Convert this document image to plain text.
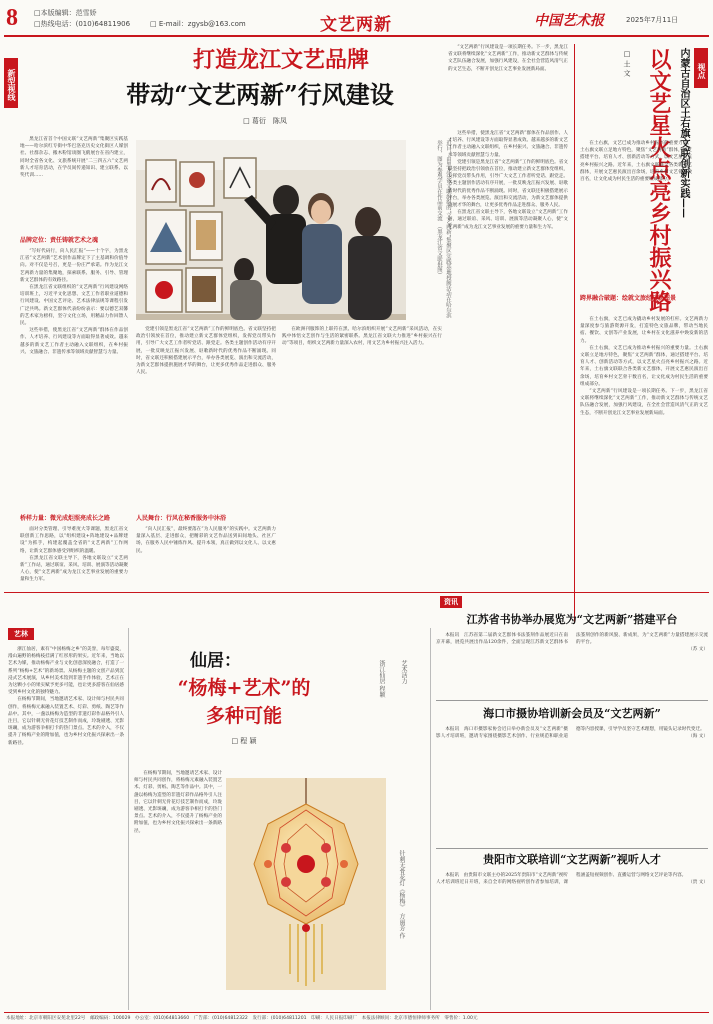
8 □本版编辑：范雪娇
□热线电话：(010)64811906	□ E-mail：zgysb@163.com	文艺两新	中国艺术报	2025年7月11日
新型视线
打造龙江文艺品牌
带动“文艺两新”行风建设
□ 葛衍　陈凤

黑龙江省首个中国文联“文艺两新”集聚区实践基地——哈尔滨红专街中华巴洛克历史文化街区人媒创社、社群杂志、搬木粉馆谈圈飞鹤展台在省内建立，同时全省各文化、文旅系统开展“二三四五六”文艺两新人才培育活动，在学员间传递知识、建立联系、以奖代训……

品牌定位：责任铸就艺术之魂

“写好代码行，向人民汇报”——十个字，为黑龙江省“文艺两新”艺术创作品牌定下了主基调和价值导向。对不仅是号召，更是一份庄严承诺。作为龙江文艺两新力量的集聚地，探索联系、服务、引导、管理新文艺群体的有效路径。

在黑龙江省文联组织的“文艺两新”行风建设网络培训班上，习近平文化思想、文艺工作者职业道德和行风建设、中国文艺评论、艺术法律法规等课程引发广泛共鸣。新文艺群体代表纷纷表示：要以德艺双馨的艺术家为榜样，坚守文化立场，用精品力作回馈人民。

这些举措，使黑龙江省“文艺两新”群体在作品创作、人才培养、行风建设等方面取得显著成效。越来越多的新文艺工作者主动融入文联组织，在乡村振兴、文旅融合、非遗传承等领域贡献智慧与力量。

桥样力量：微光成炬照亮成长之路

面对分类管理、引导难度大等课题，黑龙江省文联创新工作思路，以“组织建设+阵地建设+品牌建设”为抓手，构建起覆盖全省的“文艺两新”工作网络，让新文艺群体感受到组织的温暖。

在黑龙江省文联主导下，各地文联设立“文艺两新”工作站，通过联谊、采风、培训、展演等活动凝聚人心，使“文艺两新”成为龙江文艺事业发展的重要力量和生力军。

近日，由黑龙江省文联组织的“文艺两新”集聚区实践基地授牌活动在哈尔滨举行，图为参观学员在作品前交流　（黑龙江省文联供图）

党建引领是黑龙江省“文艺两新”工作的鲜明底色。省文联坚持把政治引领放在首位，推动建立新文艺群体党组织，发挥党员带头作用，引导广大文艺工作者听党话、跟党走。各类主题创作活动有序开展，一批反映龙江振兴发展、讴歌新时代的优秀作品不断涌现。同时，省文联还积极搭建展示平台，举办各类展览、演出和交流活动，为新文艺群体提供施展才华的舞台，让更多优秀作品走进群众、服务人民。

人民舞台：行风在秘香服务中沐浴

“向人民汇报”，最终要落在“为人民服务”的实践中。文艺两新力量深入基层、走进群众，把精彩的文艺作品送到田间地头、社区广场，在服务人民中锤炼作风、提升本领，真正做到以文化人、以文惠民。

在欧洲刊服饰的上联符在黑、哈尔滨组织开展“文艺两新”采风活动，在实践中体悟文艺创作与生活的紧密联系。黑龙江省文联大力推进“乡村振兴在行动”等项目，组织文艺两新力量深入农村，用文艺为乡村振兴注入活力。

“文艺两新”行风建设是一项长期任务。下一步，黑龙江省文联将继续深化“文艺两新”工作，推动新文艺群体与传统文艺队伍融合发展，加强行风建设，在全社会营造风清气正的文艺生态，不断开创龙江文艺事业发展新局面。

这些举措，使黑龙江省“文艺两新”群体在作品创作、人才培养、行风建设等方面取得显著成效。越来越多的新文艺工作者主动融入文联组织，在乡村振兴、文旅融合、非遗传承等领域贡献智慧与力量。

党建引领是黑龙江省“文艺两新”工作的鲜明底色。省文联坚持把政治引领放在首位，推动建立新文艺群体党组织，发挥党员带头作用，引导广大文艺工作者听党话、跟党走。各类主题创作活动有序开展，一批反映龙江振兴发展、讴歌新时代的优秀作品不断涌现。同时，省文联还积极搭建展示平台，举办各类展览、演出和交流活动，为新文艺群体提供施展才华的舞台，让更多优秀作品走进群众、服务人民。

在黑龙江省文联主导下，各地文联设立“文艺两新”工作站，通过联谊、采风、培训、展演等活动凝聚人心，使“文艺两新”成为龙江文艺事业发展的重要力量和生力军。

视点
内蒙古自治区土右旗文联创新实践——
以文艺星火点亮乡村振兴路
□ 土 文

在土右旗，文艺已成为推动乡村振兴的重要力量。土右旗文联立足地方特色，聚焦“文艺两新”群体，通过搭建平台、培育人才、创新活动等方式，以文艺星火点亮乡村振兴之路。近年来，土右旗文联联合各类新文艺群体，开展文艺惠民演出百余场，培育乡村文艺骨干数百名，让文化成为村民生活的重要组成部分。

跨界融合破题：绘就文旅经济新图景

在土右旗，文艺已成为撬动乡村发展的杠杆。文艺两新力量深度参与旅游资源开发，打造特色文旅品牌，带动当地民宿、餐饮、文创等产业发展，让乡村在文化滋养中焕发新的活力。

在土右旗，文艺已成为推动乡村振兴的重要力量。土右旗文联立足地方特色，聚焦“文艺两新”群体，通过搭建平台、培育人才、创新活动等方式，以文艺星火点亮乡村振兴之路。近年来，土右旗文联联合各类新文艺群体，开展文艺惠民演出百余场，培育乡村文艺骨干数百名，让文化成为村民生活的重要组成部分。

“文艺两新”行风建设是一项长期任务。下一步，黑龙江省文联将继续深化“文艺两新”工作，推动新文艺群体与传统文艺队伍融合发展，加强行风建设，在全社会营造风清气正的文艺生态，不断开创龙江文艺事业发展新局面。

资讯
江苏省书协举办展览为“文艺两新”搭建平台

本报讯　江苏省第二届新文艺群体书法篆刻作品展近日在南京开幕，展览共展出作品120余件，全面呈现江苏新文艺群体书法篆刻创作的新风貌、新成果，为“文艺两新”力量搭建展示交流的平台。

（苏 文）

海口市摄协培训新会员及“文艺两新”

本报讯　海口市摄影家协会近日举办新会员及“文艺两新”摄影人才培训班，邀请专家围绕摄影艺术创作、行业规范和职业道德等内容授课，引导学员坚守艺术理想，用镜头记录时代变迁。

（海 文）

贵阳市文联培训“文艺两新”视听人才

本报讯　由贵阳市文联主办的2025年贵阳市“文艺两新”视听人才培训班近日开班，来自全市的网络视听创作者参加培训，课程涵盖短视频创作、直播运营与网络文艺评论等内容。

（贵 文）

艺林

浙江仙居，素有“中国杨梅之乡”的美誉，每年盛夏，漫山遍野的杨梅枝挂满了红彤彤的果实。近年来，当地以艺术为媒，推动杨梅产业与文化创意深度融合，打造了一系列“杨梅+艺术”的新场景。从杨梅主题的文创产品到沉浸式艺术展演，从乡村美术馆到非遗手作体验，艺术正在为这颗小小的果实赋予更多可能，也让更多游客在仙居感受到乡村文化的独特魅力。

在杨梅节期间，当地邀请艺术家、设计师与村民共同创作，将杨梅元素融入装置艺术、灯彩、剪纸、陶艺等作品中。其中，一盏以杨梅为造型的非遗灯彩作品格外引人注目，它以针刺无骨花灯技艺制作而成，玲珑剔透、光影斑斓，成为游客争相打卡的热门景点。艺术的介入，不仅提升了杨梅产业的附加值，也为乡村文化振兴探索出一条新路径。

仙居：
“杨梅+艺术”的
多种可能
□ 程 颖
浙江仙居 程颖	艺术活力

在杨梅节期间，当地邀请艺术家、设计师与村民共同创作，将杨梅元素融入装置艺术、灯彩、剪纸、陶艺等作品中。其中，一盏以杨梅为造型的非遗灯彩作品格外引人注目，它以针刺无骨花灯技艺制作而成，玲珑剔透、光影斑斓，成为游客争相打卡的热门景点。艺术的介入，不仅提升了杨梅产业的附加值，也为乡村文化振兴探索出一条新路径。

针刺无骨花灯《杨梅》　方丽芳 作
本报地址：北京市朝阳区安苑北里22号　邮政编码：100029　办公室：(010)64813660　广告部：(010)64812322　发行部：(010)64811201　印刷：人民日报印刷厂　本报法律顾问：北京市德恒律师事务所　零售价：1.00元
